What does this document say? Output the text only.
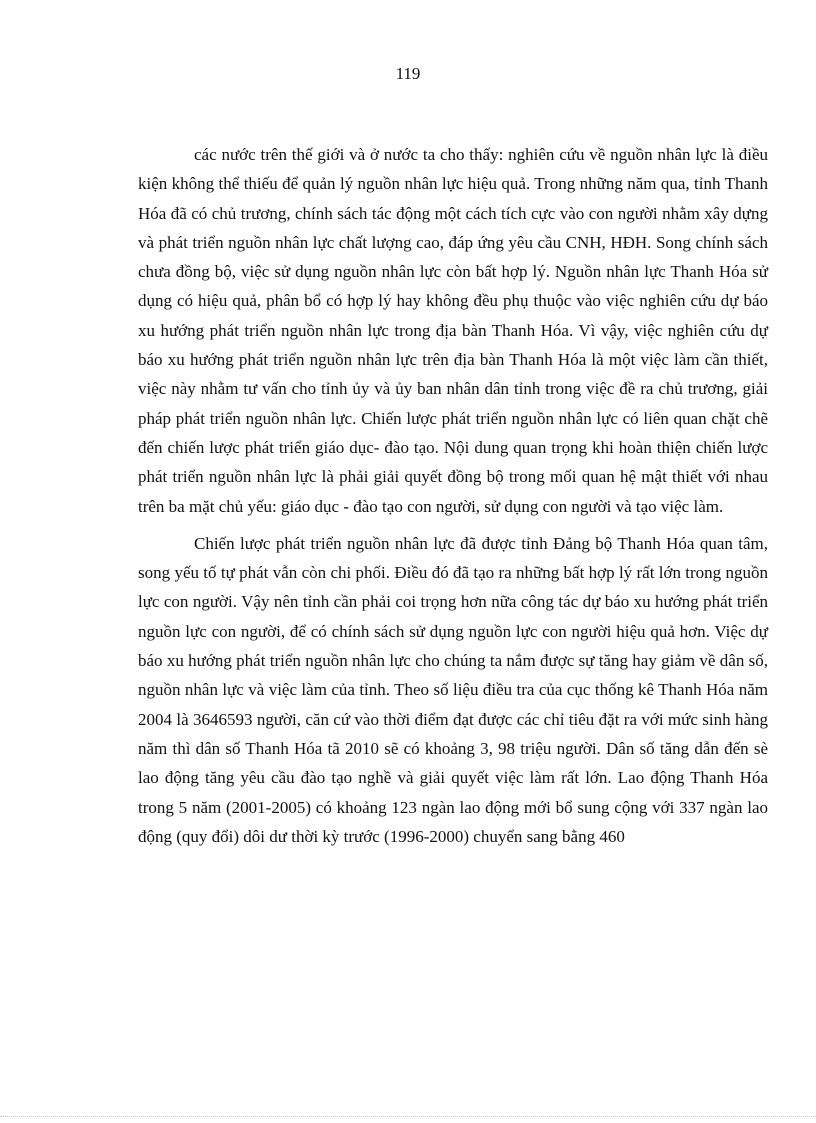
119

các nước trên thế giới và ở nước ta cho thấy: nghiên cứu về nguồn nhân lực là điều kiện không thể thiếu để quản lý nguồn nhân lực hiệu quả. Trong những năm qua, tỉnh Thanh Hóa đã có chủ trương, chính sách tác động một cách tích cực vào con người nhằm xây dựng và phát triển nguồn nhân lực chất lượng cao, đáp ứng yêu cầu CNH, HĐH. Song chính sách chưa đồng bộ, việc sử dụng nguồn nhân lực còn bất hợp lý. Nguồn nhân lực Thanh Hóa sử dụng có hiệu quả, phân bổ có hợp lý hay không đều phụ thuộc vào việc nghiên cứu dự báo xu hướng phát triển nguồn nhân lực trong địa bàn Thanh Hóa. Vì vậy, việc nghiên cứu dự báo xu hướng phát triển nguồn nhân lực trên địa bàn Thanh Hóa là một việc làm cần thiết, việc này nhằm tư vấn cho tỉnh ủy và ủy ban nhân dân tỉnh trong việc đề ra chủ trương, giải pháp phát triển nguồn nhân lực. Chiến lược phát triển nguồn nhân lực có liên quan chặt chẽ đến chiến lược phát triển giáo dục- đào tạo. Nội dung quan trọng khi hoàn thiện chiến lược phát triển nguồn nhân lực là phải giải quyết đồng bộ trong mối quan hệ mật thiết với nhau trên ba mặt chủ yếu: giáo dục - đào tạo con người, sử dụng con người và tạo việc làm.

Chiến lược phát triển nguồn nhân lực đã được tỉnh Đảng bộ Thanh Hóa quan tâm, song yếu tố tự phát vẫn còn chi phối. Điều đó đã tạo ra những bất hợp lý rất lớn trong nguồn lực con người. Vậy nên tỉnh cần phải coi trọng hơn nữa công tác dự báo xu hướng phát triển nguồn lực con người, để có chính sách sử dụng nguồn lực con người hiệu quả hơn. Việc dự báo xu hướng phát triển nguồn nhân lực cho chúng ta nắm được sự tăng hay giảm về dân số, nguồn nhân lực và việc làm của tỉnh. Theo số liệu điều tra của cục thống kê Thanh Hóa năm 2004 là 3646593 người, căn cứ vào thời điểm đạt được các chỉ tiêu đặt ra với mức sinh hàng năm thì dân số Thanh Hóa tã 2010 sẽ có khoảng 3, 98 triệu người. Dân số tăng dẫn đến sè lao động tăng yêu cầu đào tạo nghề và giải quyết việc làm rất lớn. Lao động Thanh Hóa trong 5 năm (2001-2005) có khoảng 123 ngàn lao động mới bổ sung cộng với 337 ngàn lao động (quy đổi) dôi dư thời kỳ trước (1996-2000) chuyển sang bằng 460
